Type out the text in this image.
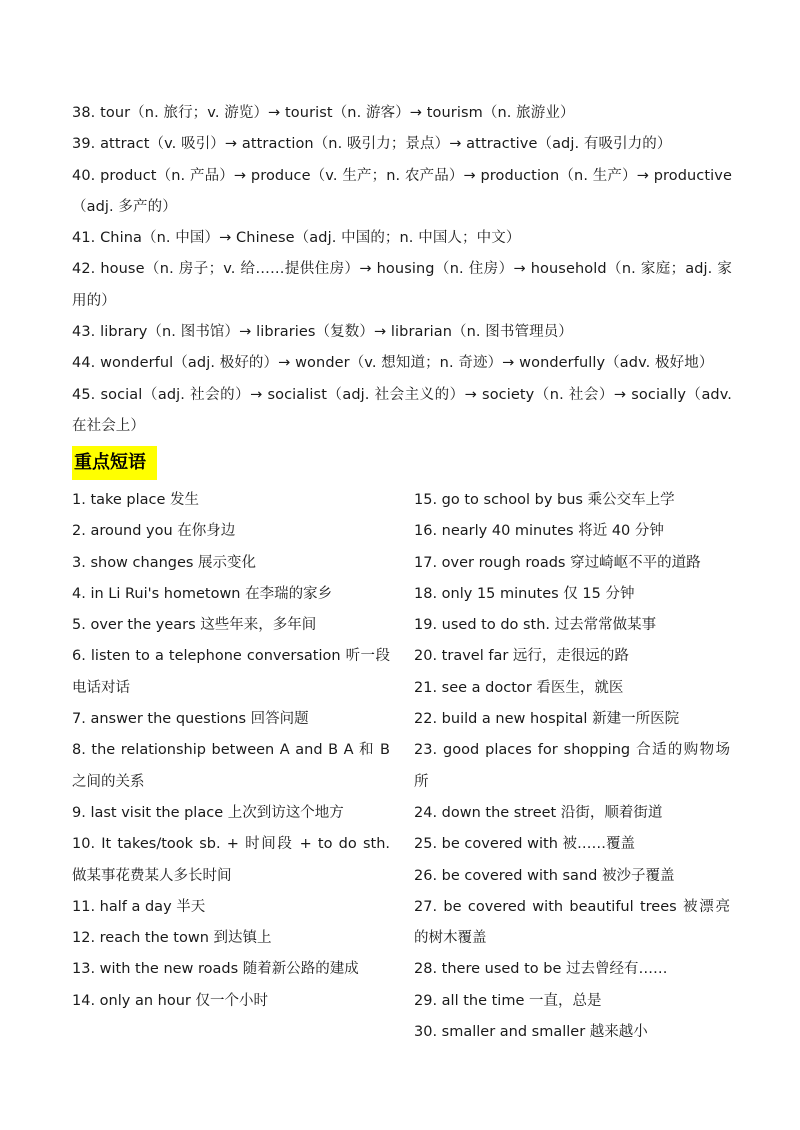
38. tour（n. 旅行；v. 游览）→ tourist（n. 游客）→ tourism（n. 旅游业）

39. attract（v. 吸引）→ attraction（n. 吸引力；景点）→ attractive（adj. 有吸引力的）

40. product（n. 产品）→ produce（v. 生产；n. 农产品）→ production（n. 生产）→ productive（adj. 多产的）

41. China（n. 中国）→ Chinese（adj. 中国的；n. 中国人；中文）

42. house（n. 房子；v. 给……提供住房）→ housing（n. 住房）→ household（n. 家庭；adj. 家用的）

43. library（n. 图书馆）→ libraries（复数）→ librarian（n. 图书管理员）

44. wonderful（adj. 极好的）→ wonder（v. 想知道；n. 奇迹）→ wonderfully（adv. 极好地）

45. social（adj. 社会的）→ socialist（adj. 社会主义的）→ society（n. 社会）→ socially（adv. 在社会上）

重点短语

1. take place 发生

2. around you 在你身边

3. show changes 展示变化

4. in Li Rui's hometown 在李瑞的家乡

5. over the years 这些年来，多年间

6. listen to a telephone conversation 听一段电话对话

7. answer the questions 回答问题

8. the relationship between A and B A 和 B 之间的关系

9. last visit the place 上次到访这个地方

10. It takes/took sb. + 时间段 + to do sth. 做某事花费某人多长时间

11. half a day 半天

12. reach the town 到达镇上

13. with the new roads 随着新公路的建成

14. only an hour 仅一个小时

15. go to school by bus 乘公交车上学

16. nearly 40 minutes 将近 40 分钟

17. over rough roads 穿过崎岖不平的道路

18. only 15 minutes 仅 15 分钟

19. used to do sth. 过去常常做某事

20. travel far 远行，走很远的路

21. see a doctor 看医生，就医

22. build a new hospital 新建一所医院

23. good places for shopping 合适的购物场所

24. down the street 沿街，顺着街道

25. be covered with 被……覆盖

26. be covered with sand 被沙子覆盖

27. be covered with beautiful trees 被漂亮的树木覆盖

28. there used to be 过去曾经有……

29. all the time 一直，总是

30. smaller and smaller 越来越小
